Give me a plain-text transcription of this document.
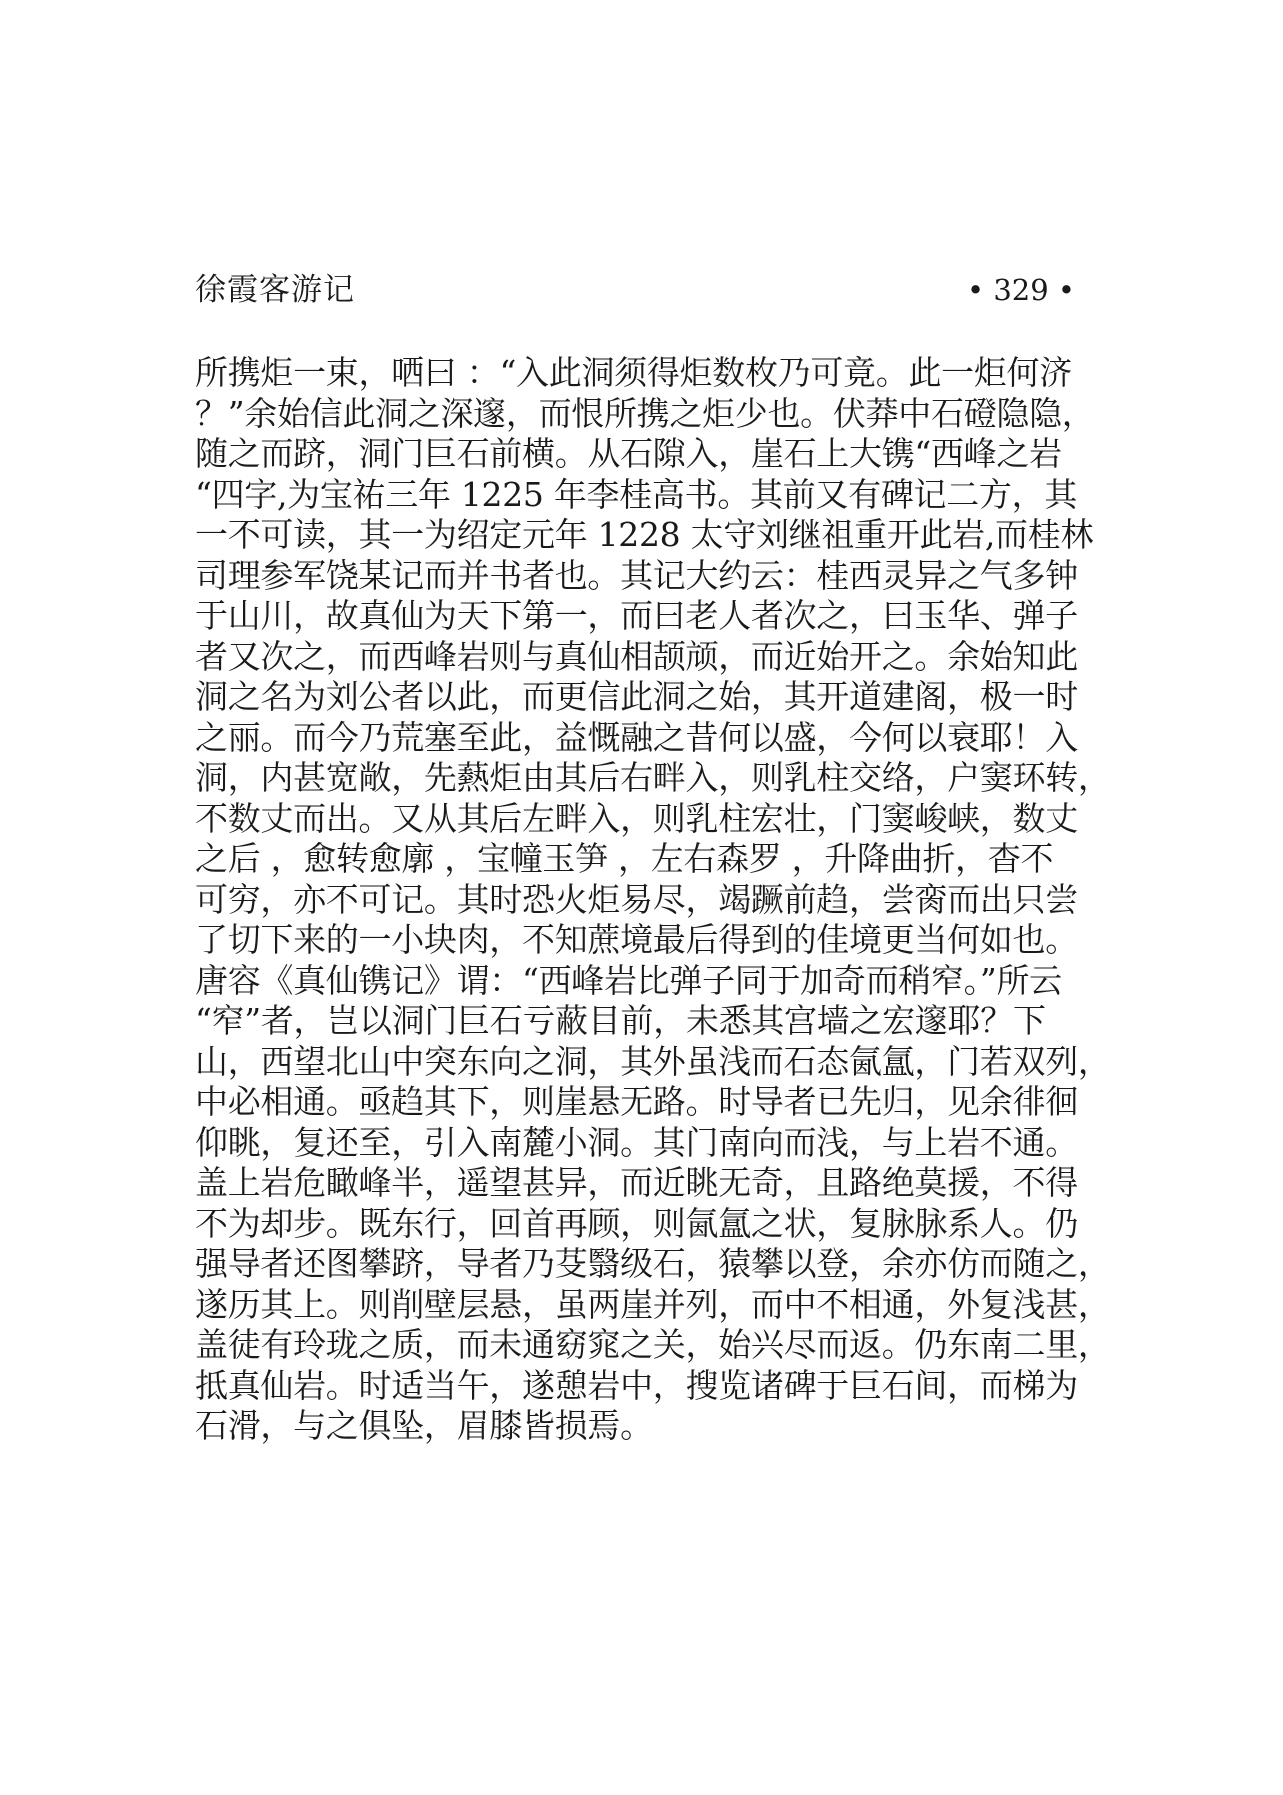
徐霞客游记	• 329 •
所携炬一束，哂曰 ：“入此洞须得炬数枚乃可竟。此一炬何济
？”余始信此洞之深邃，而恨所携之炬少也。伏莽中石磴隐隐，
随之而跻，洞门巨石前横。从石隙入，崖石上大镌“西峰之岩
“四字,为宝祐三年 1225 年李桂高书。其前又有碑记二方，其
一不可读，其一为绍定元年 1228 太守刘继祖重开此岩,而桂林
司理参军饶某记而并书者也。其记大约云：桂西灵异之气多钟
于山川，故真仙为天下第一，而曰老人者次之，曰玉华、弹子
者又次之，而西峰岩则与真仙相颉颃，而近始开之。余始知此
洞之名为刘公者以此，而更信此洞之始，其开道建阁，极一时
之丽。而今乃荒塞至此，益慨融之昔何以盛，今何以衰耶！入
洞，内甚宽敞，先爇炬由其后右畔入，则乳柱交络，户窦环转，
不数丈而出。又从其后左畔入，则乳柱宏壮，门窦峻峡，数丈
之后 ，愈转愈廓 ，宝幢玉笋 ，左右森罗 ，升降曲折，杳不
可穷，亦不可记。其时恐火炬易尽，竭蹶前趋，尝脔而出只尝
了切下来的一小块肉，不知蔗境最后得到的佳境更当何如也。
唐容《真仙镌记》谓：“西峰岩比弹子同于加奇而稍窄。”所云
“窄”者，岂以洞门巨石亏蔽目前，未悉其宫墙之宏邃耶？下
山，西望北山中突东向之洞，其外虽浅而石态氤氲，门若双列，
中必相通。亟趋其下，则崖悬无路。时导者已先归，见余徘徊
仰眺，复还至，引入南麓小洞。其门南向而浅，与上岩不通。
盖上岩危瞰峰半，遥望甚异，而近眺无奇，且路绝莫援，不得
不为却步。既东行，回首再顾，则氤氲之状，复脉脉系人。仍
强导者还图攀跻，导者乃芟翳级石，猿攀以登，余亦仿而随之，
遂历其上。则削壁层悬，虽两崖并列，而中不相通，外复浅甚，
盖徒有玲珑之质，而未通窈窕之关，始兴尽而返。仍东南二里，
抵真仙岩。时适当午，遂憩岩中，搜览诸碑于巨石间，而梯为
石滑，与之俱坠，眉膝皆损焉。
